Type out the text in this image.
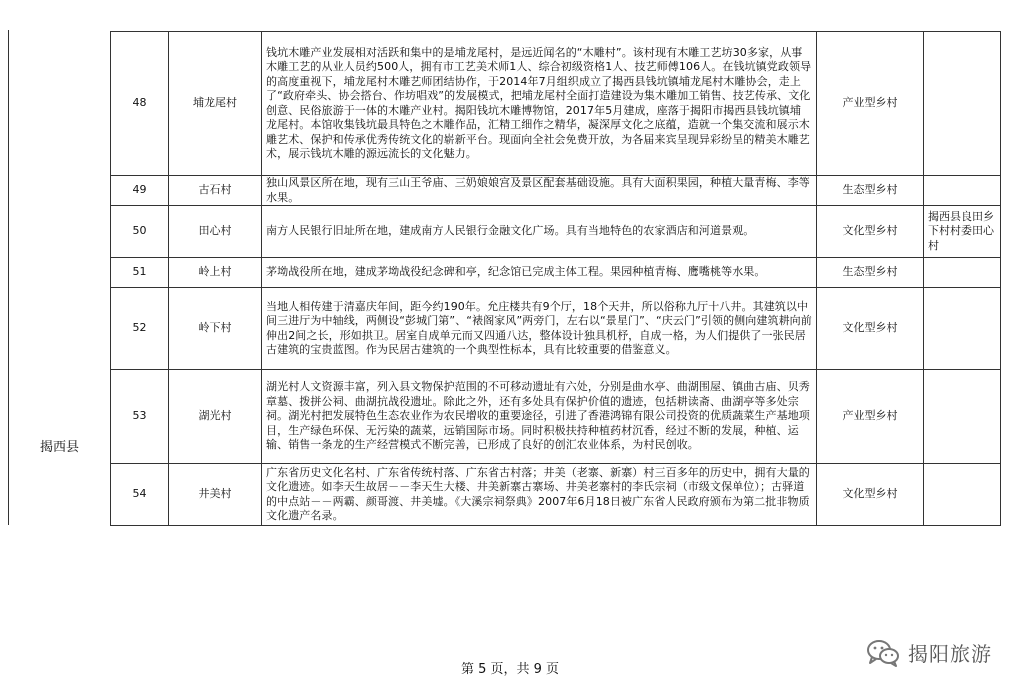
揭西县
48	埔龙尾村	钱坑木雕产业发展相对活跃和集中的是埔龙尾村，是远近闻名的“木雕村”。该村现有木雕工艺坊30多家，从事木雕工艺的从业人员约500人，拥有市工艺美术师1人、综合初级资格1人、技艺师傅106人。在钱坑镇党政领导的高度重视下，埔龙尾村木雕艺师团结协作，于2014年7月组织成立了揭西县钱坑镇埔龙尾村木雕协会，走上了“政府牵头、协会搭台、作坊唱戏”的发展模式，把埔龙尾村全面打造建设为集木雕加工销售、技艺传承、文化创意、民俗旅游于一体的木雕产业村。揭阳钱坑木雕博物馆，2017年5月建成，座落于揭阳市揭西县钱坑镇埔龙尾村。本馆收集钱坑最具特色之木雕作品，汇精工细作之精华，凝深厚文化之底蕴，造就一个集交流和展示木雕艺术、保护和传承优秀传统文化的崭新平台。现面向全社会免费开放，为各届来宾呈现异彩纷呈的精美木雕艺术，展示钱坑木雕的源远流长的文化魅力。	产业型乡村	
49	古石村	独山风景区所在地，现有三山王爷庙、三奶娘娘宫及景区配套基础设施。具有大面积果园，种植大量青梅、李等水果。	生态型乡村	
50	田心村	南方人民银行旧址所在地，建成南方人民银行金融文化广场。具有当地特色的农家酒店和河道景观。	文化型乡村	揭西县良田乡下村村委田心村
51	岭上村	茅坳战役所在地，建成茅坳战役纪念碑和亭，纪念馆已完成主体工程。果园种植青梅、鹰嘴桃等水果。	生态型乡村	
52	岭下村	当地人相传建于清嘉庆年间，距今约190年。允庄楼共有9个厅，18个天井，所以俗称九厅十八井。其建筑以中间三进厅为中轴线，两侧设“彭城门第”、“裱阁家风”两旁门，左右以“景星门”、“庆云门”引领的侧向建筑耕向前伸出2间之长，形如拱卫。居室自成单元而又四通八达，整体设计独具机杼，自成一格，为人们提供了一张民居古建筑的宝贵蓝图。作为民居古建筑的一个典型性标本，具有比较重要的借鉴意义。	文化型乡村	
53	湖光村	湖光村人文资源丰富，列入县文物保护范围的不可移动遗址有六处，分别是曲水亭、曲湖围屋、镇曲古庙、贝秀章墓、拨拼公祠、曲湖抗战役遗址。除此之外，还有多处具有保护价值的遗迹，包括耕读斋、曲湖亭等多处宗祠。湖光村把发展特色生态农业作为农民增收的重要途径，引进了香港鸿锦有限公司投资的优质蔬菜生产基地项目，生产绿色环保、无污染的蔬菜，远销国际市场。同时积极扶持种植药材沉香，经过不断的发展，种植、运输、销售一条龙的生产经营模式不断完善，已形成了良好的创汇农业体系，为村民创收。	产业型乡村	
54	井美村	广东省历史文化名村、广东省传统村落、广东省古村落；井美（老寨、新寨）村三百多年的历史中，拥有大量的文化遗迹。如李天生故居－－李天生大楼、井美新寨古寨场、井美老寨村的李氏宗祠（市级文保单位）；古驿道的中点站－－两霸、颜哥渡、井美墟。《大溪宗祠祭典》2007年6月18日被广东省人民政府颁布为第二批非物质文化遗产名录。	文化型乡村	
第 5 页，共 9 页
揭阳旅游
